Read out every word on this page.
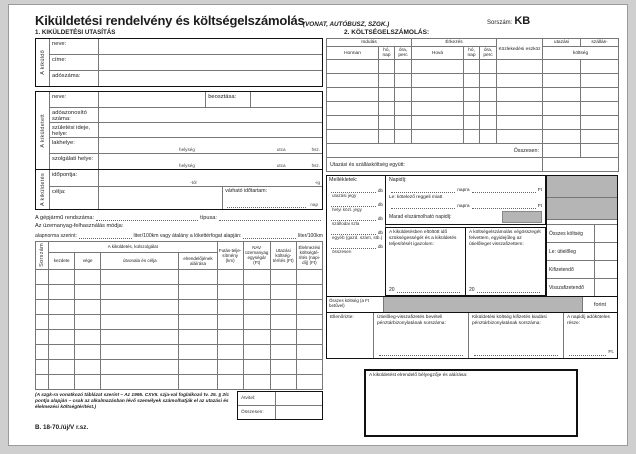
Kiküldetési rendelvény és költségelszámolás
(VONAT, AUTÓBUSZ, SZGK.)	Sorszám: KB
1. KIKÜLDETÉSI UTASÍTÁS
A kiküldő
neve:
címe:
adószáma:
A kiküldetett
neve:	beosztása:
adóazonosító száma:
születési ideje, helye:
lakhelye:
helység	utca	hsz.
szolgálati helye:
helység	utca	hsz.
A kiküldetés	időpontja:
-tól	-ig
célja:	várható időtartam:
nap
A gépjármű rendszáma:	típusa:
Az üzemanyag-felhasználás módja:
alapnorma szerint:	liter/100km vagy átalány a lökettérfogat alapján:	liter/100km
Sorszám	A kiküldetés, külszolgálat				Futás-telje-sítmény (km)	NAV üzemanyag egységár (Ft)	Utazási költség-térítés (Ft)	Élelmezési költségté-rítés (napi-díj) (Ft)
	kezdete	vége	útvonala és célja	elrendelőjének aláírása				

(A szgk-ra vonatkozó táblázat szerint – Az 1995. CXVII. szja-val foglalkozó tv. 25. § 2/c pontja alapján – csak az alkalmazásban lévő személyek számolhatják el az utazási és élelmezési költségtérítést.)
Átvitel:
Összesen:
B. 18-70./új/V r.sz.
2. KÖLTSÉGELSZÁMOLÁS:
Indulás			Érkezés			Közlekedési eszköz	utazási	szállás-
Honnan	hó, nap	óra, perc	Hová	hó, nap	óra, perc		költség	

Összesen:								
Utazási és szállásköltség együtt:								
Mellékletek:
db
utazási jegy
db
helyi közl. jegy
db
szállodai szla
db
egyéb (gazd. szám, stb.)
db
összesen
Napidíj:
napra	Ft
Le: kötelező reggeli miatt
napra	Ft
Marad elszámolható napidíj:
A kiküldetésben eltöltött idő szükségességét és a kiküldetés teljesítését igazolom:
20
A költségelszámolás végösszegét felvettem, egyidejűleg az útielőleget visszafizettem:
20
Összes költség
Le: útielőleg
Kifizetendő
Visszafizetendő
Összes költség (a Ft betűvel)	forint
Ellenőrizte:	Útielőleg-visszafizetés bevételi pénztárbizonylatának sorszáma:
Kiküldetési költség kifizetés kiadási pénztárbizonylatának sorszáma:
A napidíj adóköteles része:
Ft.
A kiküldetést elrendelő bélyegzője és aláírása:
